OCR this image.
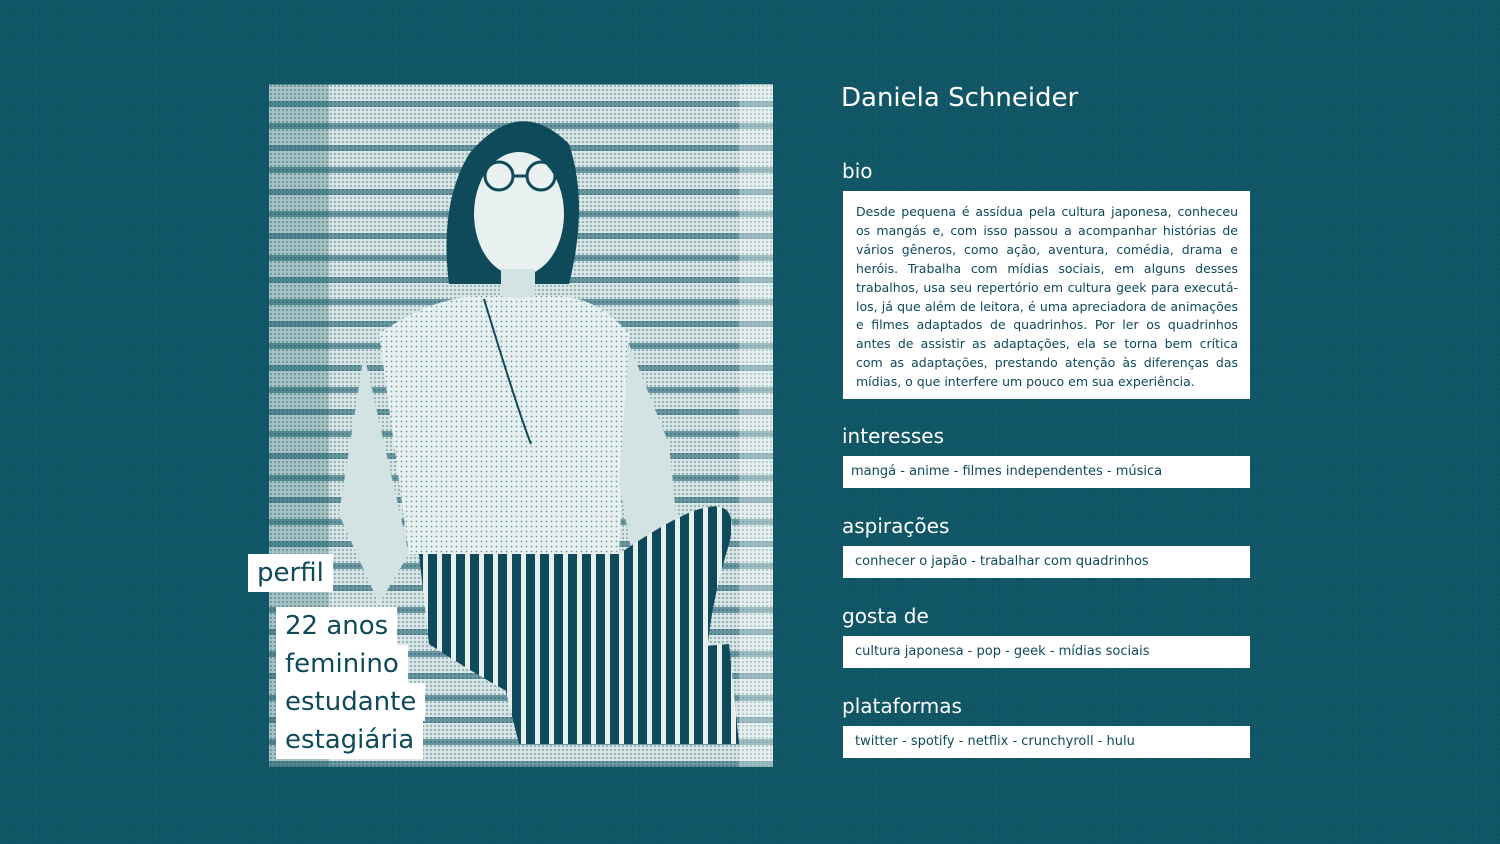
perfil
22 anos
feminino
estudante
estagiária
Daniela Schneider
bio
Desde pequena é assídua pela cultura japonesa, conheceu os mangás e, com isso passou a acompanhar histórias de vários gêneros, como ação, aventura, comédia, drama e heróis. Trabalha com mídias sociais, em alguns desses trabalhos, usa seu repertório em cultura geek para executá-los, já que além de leitora, é uma apreciadora de animações e filmes adaptados de quadrinhos. Por ler os quadrinhos antes de assistir as adaptações, ela se torna bem crítica com as adaptações, prestando atenção às diferenças das mídias, o que interfere um pouco em sua experiência.
interesses
mangá - anime - filmes independentes - música
aspirações
conhecer o japão - trabalhar com quadrinhos
gosta de
cultura japonesa - pop - geek - mídias sociais
plataformas
twitter - spotify - netflix - crunchyroll - hulu
